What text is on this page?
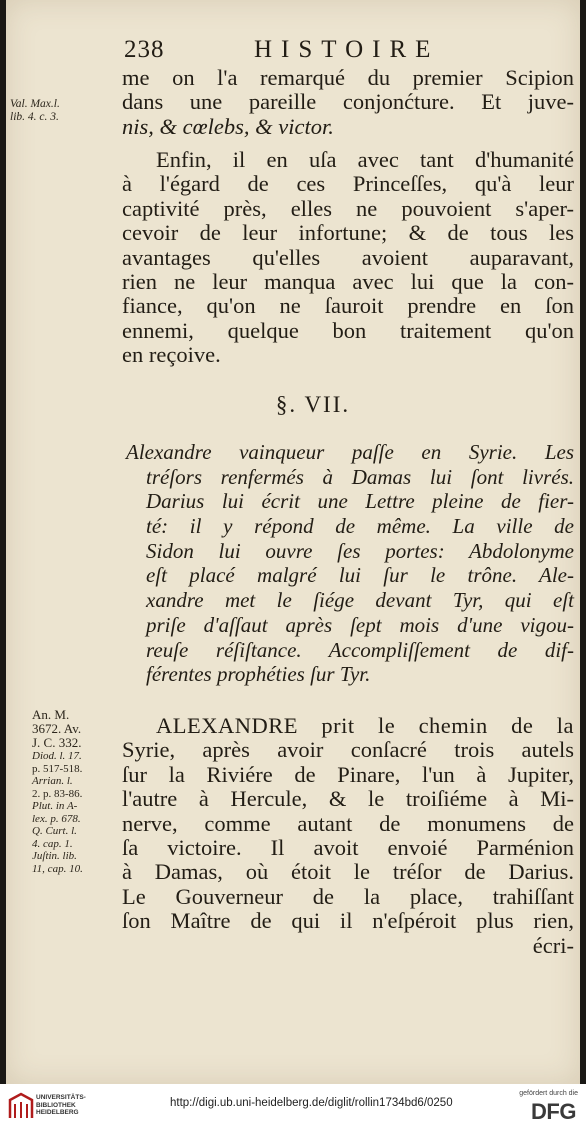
238	HISTOIRE
me on l'a remarqué du premier Scipion
dans une pareille conjonćture. Et juve-
nis, & cœlebs, & victor.
Val. Max.l.
lib. 4. c. 3.
Enfin, il en uſa avec tant d'humanité
à l'égard de ces Princeſſes, qu'à leur
captivité près, elles ne pouvoient s'aper-
cevoir de leur infortune; & de tous les
avantages qu'elles avoient auparavant,
rien ne leur manqua avec lui que la con-
fiance, qu'on ne ſauroit prendre en ſon
ennemi, quelque bon traitement qu'on
en reçoive.
§. VII.
Alexandre vainqueur paſſe en Syrie. Les
tréſors renfermés à Damas lui ſont livrés.
Darius lui écrit une Lettre pleine de fier-
té: il y répond de même. La ville de
Sidon lui ouvre ſes portes: Abdolonyme
eſt placé malgré lui ſur le trône. Ale-
xandre met le ſiége devant Tyr, qui eſt
priſe d'aſſaut après ſept mois d'une vigou-
reuſe réſiſtance. Accompliſſement de dif-
férentes prophéties ſur Tyr.
An. M.
3672. Av.
J. C. 332.
Diod. l. 17.
p. 517-518.
Arrian. l.
2. p. 83-86.
Plut. in A-
lex. p. 678.
Q. Curt. l.
4. cap. 1.
Juſtin. lib.
11, cap. 10.
ALEXANDRE prit le chemin de la
Syrie, après avoir conſacré trois autels
ſur la Riviére de Pinare, l'un à Jupiter,
l'autre à Hercule, & le troiſiéme à Mi-
nerve, comme autant de monumens de
ſa victoire. Il avoit envoié Parménion
à Damas, où étoit le tréſor de Darius.
Le Gouverneur de la place, trahiſſant
ſon Maître de qui il n'eſpéroit plus rien,
écri-
UNIVERSITÄTS-
BIBLIOTHEK
HEIDELBERG
http://digi.ub.uni-heidelberg.de/diglit/rollin1734bd6/0250
gefördert durch die
DFG
